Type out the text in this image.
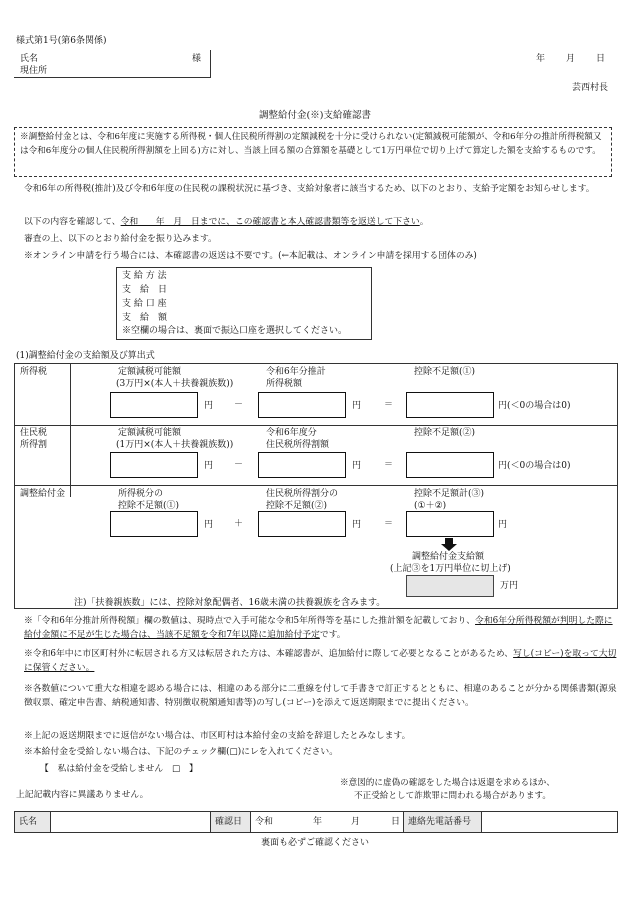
様式第1号(第6条関係)
氏名	様
現住所
年 月 日
芸西村長
調整給付金(※)支給確認書
※調整給付金とは、令和6年度に実施する所得税・個人住民税所得割の定額減税を十分に受けられない(定額減税可能額が、令和6年分の推計所得税額又は令和6年度分の個人住民税所得割額を上回る)方に対し、当該上回る額の合算額を基礎として1万円単位で切り上げて算定した額を支給するものです。
令和6年の所得税(推計)及び令和6年度の住民税の課税状況に基づき、支給対象者に該当するため、以下のとおり、支給予定額をお知らせします。
以下の内容を確認して、令和　　年　月　日までに、この確認書と本人確認書類等を返送して下さい。
審査の上、以下のとおり給付金を振り込みます。
※オンライン申請を行う場合には、本確認書の返送は不要です。(←本記載は、オンライン申請を採用する団体のみ)
支 給 方 法
支　給　日
支 給 口 座
支　給　額
※空欄の場合は、裏面で振込口座を選択してください。
(1)調整給付金の支給額及び算出式
所得税	定額減税可能額
(3万円×(本人＋扶養親族数))
令和6年分推計
所得税額
控除不足額(①)
円 －	円	＝	円(＜0の場合は0)
住民税
所得割
定額減税可能額
(1万円×(本人＋扶養親族数))
令和6年度分
住民税所得割額
控除不足額(②)
円 －	円	＝	円(＜0の場合は0)
調整給付金	所得税分の
控除不足額(①)
住民税所得割分の
控除不足額(②)
控除不足額計(③)
(①＋②)
円 ＋	円	＝	円
調整給付金支給額
(上記③を1万円単位に切上げ)
万円
注)「扶養親族数」には、控除対象配偶者、16歳未満の扶養親族を含みます。
※「令和6年分推計所得税額」欄の数値は、現時点で入手可能な令和5年所得等を基にした推計額を記載しており、令和6年分所得税額が判明した際に給付金額に不足が生じた場合は、当該不足額を令和7年以降に追加給付予定です。
※令和6年中に市区町村外に転居される方又は転居された方は、本確認書が、追加給付に際して必要となることがあるため、写し(コピー)を取って大切に保管ください。
※各数値について重大な相違を認める場合には、相違のある部分に二重線を付して手書きで訂正するとともに、相違のあることが分かる関係書類(源泉徴収票、確定申告書、納税通知書、特別徴収税額通知書等)の写し(コピー)を添えて返送期限までに提出ください。
※上記の返送期限までに返信がない場合は、市区町村は本給付金の支給を辞退したとみなします。
※本給付金を受給しない場合は、下記のチェック欄(□)にレを入れてください。
【　私は給付金を受給しません　□　】
※意図的に虚偽の確認をした場合は返還を求めるほか、
不正受給として詐欺罪に問われる場合があります。
上記記載内容に異議ありません。
氏名	確認日	令和	年	月	日 連絡先電話番号
裏面も必ずご確認ください
